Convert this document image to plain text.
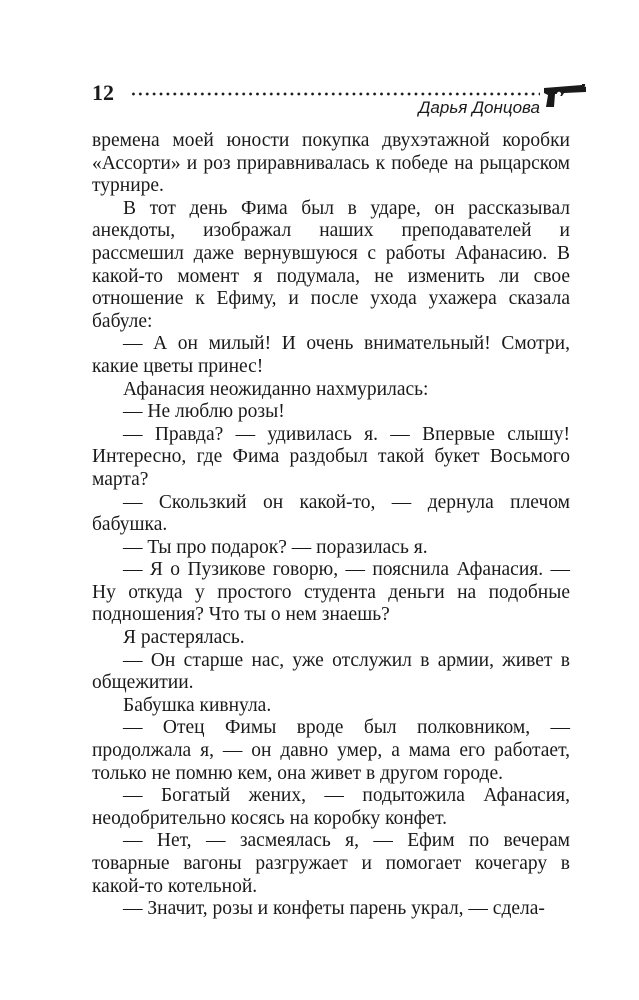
12
Дарья Донцова

времена моей юности покупка двухэтажной коробки «Ассорти» и роз приравнивалась к победе на рыцарском турнире.

В тот день Фима был в ударе, он рассказывал анекдоты, изображал наших преподавателей и рассмешил даже вернувшуюся с работы Афанасию. В какой-то момент я подумала, не изменить ли свое отношение к Ефиму, и после ухода ухажера сказала бабуле:

— А он милый! И очень внимательный! Смотри, какие цветы принес!

Афанасия неожиданно нахмурилась:

— Не люблю розы!

— Правда? — удивилась я. — Впервые слышу! Интересно, где Фима раздобыл такой букет Восьмого марта?

— Скользкий он какой-то, — дернула плечом бабушка.

— Ты про подарок? — поразилась я.

— Я о Пузикове говорю, — пояснила Афанасия. — Ну откуда у простого студента деньги на подобные подношения? Что ты о нем знаешь?

Я растерялась.

— Он старше нас, уже отслужил в армии, живет в общежитии.

Бабушка кивнула.

— Отец Фимы вроде был полковником, — продолжала я, — он давно умер, а мама его работает, только не помню кем, она живет в другом городе.

— Богатый жених, — подытожила Афанасия, неодобрительно косясь на коробку конфет.

— Нет, — засмеялась я, — Ефим по вечерам товарные вагоны разгружает и помогает кочегару в какой-то котельной.

— Значит, розы и конфеты парень украл, — сдела-
